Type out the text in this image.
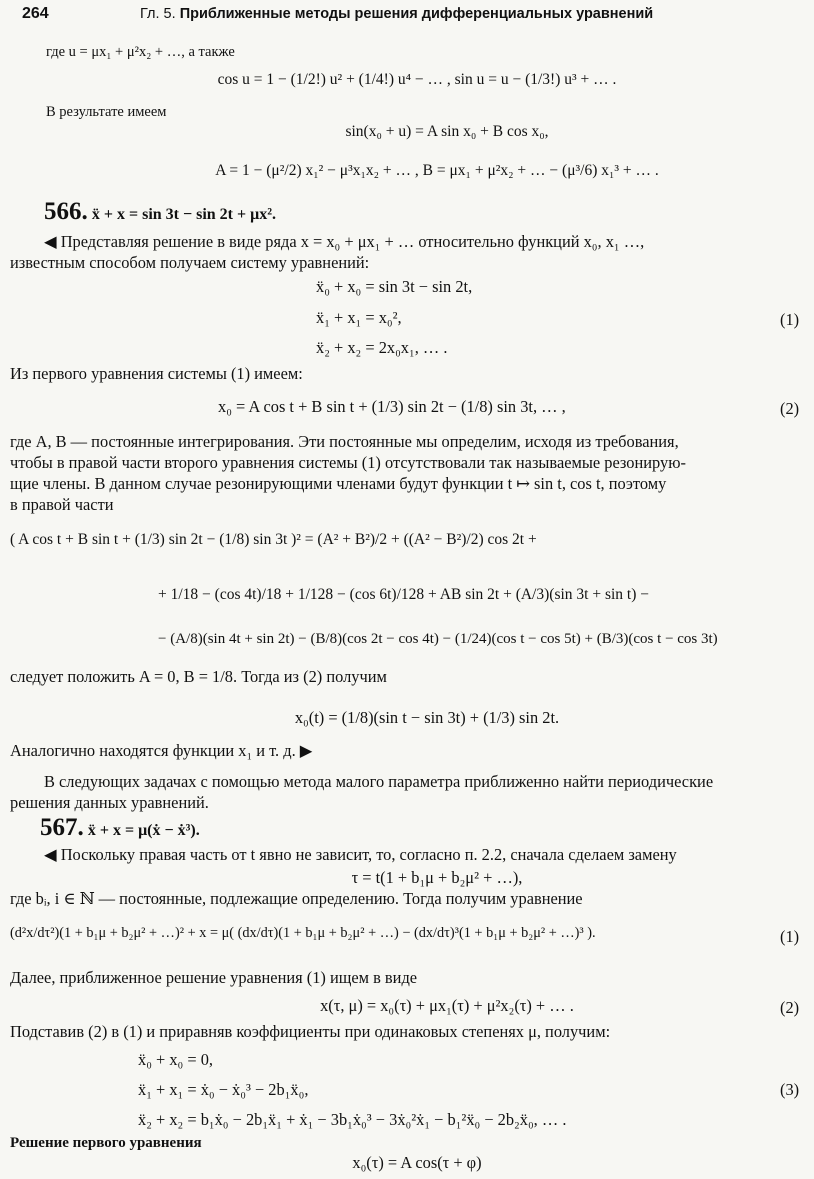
264	Гл. 5. Приближенные методы решения дифференциальных уравнений
где u = μx₁ + μ²x₂ + …, а также
cos u = 1 − (1/2!) u² + (1/4!) u⁴ − … , sin u = u − (1/3!) u³ + … .
В результате имеем
sin(x₀ + u) = A sin x₀ + B cos x₀,
A = 1 − (μ²/2) x₁² − μ³x₁x₂ + … , B = μx₁ + μ²x₂ + … − (μ³/6) x₁³ + … .
566. ẍ + x = sin 3t − sin 2t + μx².
◀ Представляя решение в виде ряда x = x₀ + μx₁ + … относительно функций x₀, x₁ …,
известным способом получаем систему уравнений:
ẍ₀ + x₀ = sin 3t − sin 2t,
ẍ₁ + x₁ = x₀²,	(1)
ẍ₂ + x₂ = 2x₀x₁, … .
Из первого уравнения системы (1) имеем:
x₀ = A cos t + B sin t + (1/3) sin 2t − (1/8) sin 3t, … ,	(2)
где A, B — постоянные интегрирования. Эти постоянные мы определим, исходя из требования,
чтобы в правой части второго уравнения системы (1) отсутствовали так называемые резонирую-
щие члены. В данном случае резонирующими членами будут функции t ↦ sin t, cos t, поэтому
в правой части
( A cos t + B sin t + (1/3) sin 2t − (1/8) sin 3t )² = (A² + B²)/2 + ((A² − B²)/2) cos 2t +
+ 1/18 − (cos 4t)/18 + 1/128 − (cos 6t)/128 + AB sin 2t + (A/3)(sin 3t + sin t) −
− (A/8)(sin 4t + sin 2t) − (B/8)(cos 2t − cos 4t) − (1/24)(cos t − cos 5t) + (B/3)(cos t − cos 3t)
следует положить A = 0, B = 1/8. Тогда из (2) получим
x₀(t) = (1/8)(sin t − sin 3t) + (1/3) sin 2t.
Аналогично находятся функции x₁ и т. д. ▶
В следующих задачах с помощью метода малого параметра приближенно найти периодические
решения данных уравнений.
567. ẍ + x = μ(ẋ − ẋ³).
◀ Поскольку правая часть от t явно не зависит, то, согласно п. 2.2, сначала сделаем замену
τ = t(1 + b₁μ + b₂μ² + …),
где bᵢ, i ∈ ℕ — постоянные, подлежащие определению. Тогда получим уравнение
(d²x/dτ²)(1 + b₁μ + b₂μ² + …)² + x = μ( (dx/dτ)(1 + b₁μ + b₂μ² + …) − (dx/dτ)³(1 + b₁μ + b₂μ² + …)³ ).	(1)
Далее, приближенное решение уравнения (1) ищем в виде
x(τ, μ) = x₀(τ) + μx₁(τ) + μ²x₂(τ) + … .	(2)
Подставив (2) в (1) и приравняв коэффициенты при одинаковых степенях μ, получим:
ẍ₀ + x₀ = 0,
ẍ₁ + x₁ = ẋ₀ − ẋ₀³ − 2b₁ẍ₀,	(3)
ẍ₂ + x₂ = b₁ẋ₀ − 2b₁ẍ₁ + ẋ₁ − 3b₁ẋ₀³ − 3ẋ₀²ẋ₁ − b₁²ẍ₀ − 2b₂ẍ₀, … .
Решение первого уравнения
x₀(τ) = A cos(τ + φ)
